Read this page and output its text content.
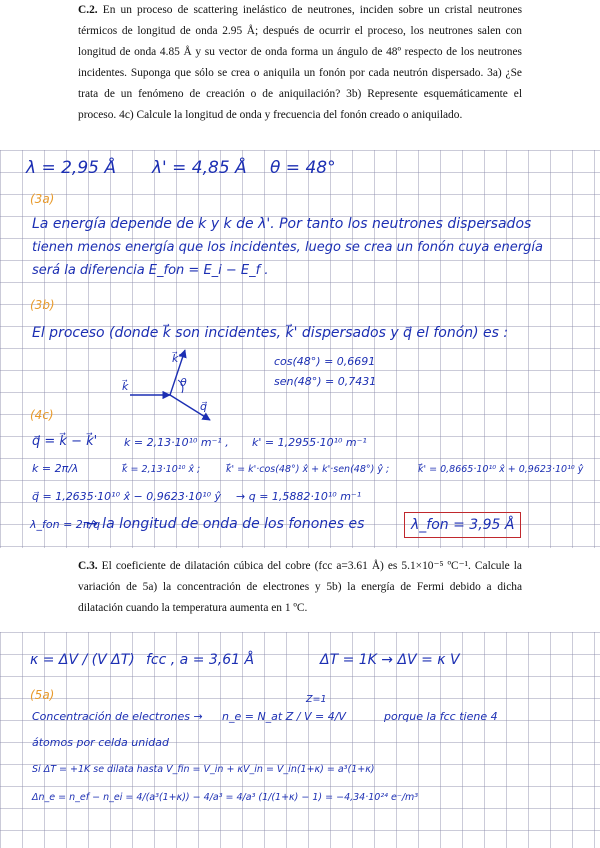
C.2. En un proceso de scattering inelástico de neutrones, inciden sobre un cristal neutrones térmicos de longitud de onda 2.95 Å; después de ocurrir el proceso, los neutrones salen con longitud de onda 4.85 Å y su vector de onda forma un ángulo de 48º respecto de los neutrones incidentes. Suponga que sólo se crea o aniquila un fonón por cada neutrón dispersado. 3a) ¿Se trata de un fenómeno de creación o de aniquilación? 3b) Represente esquemáticamente el proceso. 4c) Calcule la longitud de onda y frecuencia del fonón creado o aniquilado.
λ = 2,95 Å λ' = 4,85 Å θ = 48°
(3a)
La energía depende de k y k de λ'. Por tanto los neutrones dispersados
tienen menos energía que los incidentes, luego se crea un fonón cuya energía
será la diferencia E_fon = E_i − E_f .
(3b)
El proceso (donde k⃗ son incidentes, k⃗' dispersados y q⃗ el fonón) es :
k⃗'
k⃗	θ
q⃗
cos(48°) = 0,6691
sen(48°) = 0,7431
(4c)
q⃗ = k⃗ − k⃗' k = 2,13·10¹⁰ m⁻¹ , k' = 1,2955·10¹⁰ m⁻¹
k = 2π/λ	k⃗ = 2,13·10¹⁰ x̂ ;	k⃗' = k'·cos(48°) x̂ + k'·sen(48°) ŷ ;	k⃗' = 0,8665·10¹⁰ x̂ + 0,9623·10¹⁰ ŷ
q⃗ = 1,2635·10¹⁰ x̂ − 0,9623·10¹⁰ ŷ → q = 1,5882·10¹⁰ m⁻¹
λ_fon = 2π/q
→ la longitud de onda de los fonones es	λ_fon = 3,95 Å
C.3. El coeficiente de dilatación cúbica del cobre (fcc a=3.61 Å) es 5.1×10⁻⁵ ºC⁻¹. Calcule la variación de 5a) la concentración de electrones y 5b) la energía de Fermi debido a dicha dilatación cuando la temperatura aumenta en 1 ºC.
κ = ΔV / (V ΔT) fcc , a = 3,61 Å	ΔT = 1K → ΔV = κ V
(5a)
Concentración de electrones →
Z=1
n_e = N_at Z / V = 4/V	porque la fcc tiene 4
átomos por celda unidad
Si ΔT = +1K se dilata hasta V_fin = V_in + κV_in = V_in(1+κ) = a³(1+κ)
Δn_e = n_ef − n_ei = 4/(a³(1+κ)) − 4/a³ = 4/a³ (1/(1+κ) − 1) = −4,34·10²⁴ e⁻/m³
